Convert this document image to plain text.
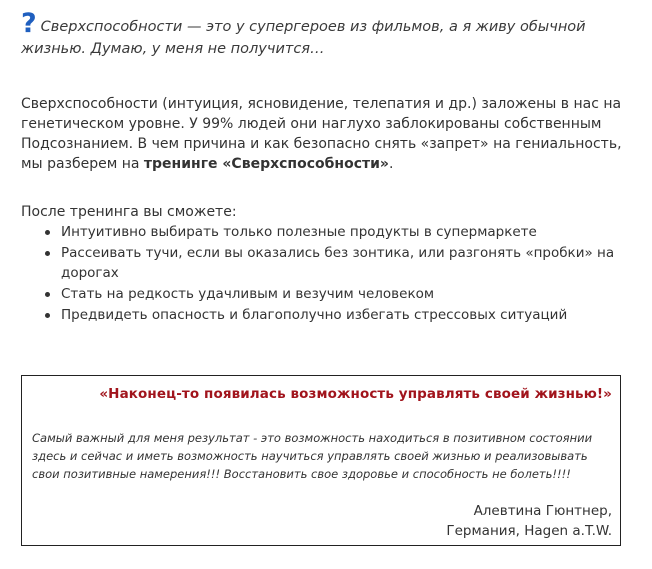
? Сверхспособности — это у супергероев из фильмов, а я живу обычной жизнью. Думаю, у меня не получится…
Сверхспособности (интуиция, ясновидение, телепатия и др.) заложены в нас на генетическом уровне. У 99% людей они наглухо заблокированы собственным Подсознанием. В чем причина и как безопасно снять «запрет» на гениальность, мы разберем на тренинге «Сверхспособности».

После тренинга вы сможете:

Интуитивно выбирать только полезные продукты в супермаркете
Рассеивать тучи, если вы оказались без зонтика, или разгонять «пробки» на дорогах
Стать на редкость удачливым и везучим человеком
Предвидеть опасность и благополучно избегать стрессовых ситуаций
«Наконец-то появилась возможность управлять своей жизнью!»
Самый важный для меня результат - это возможность находиться в позитивном состоянии здесь и сейчас и иметь возможность научиться управлять своей жизнью и реализовывать свои позитивные намерения!!! Восстановить свое здоровье и способность не болеть!!!!
Алевтина Гюнтнер,
Германия, Hagen a.T.W.
